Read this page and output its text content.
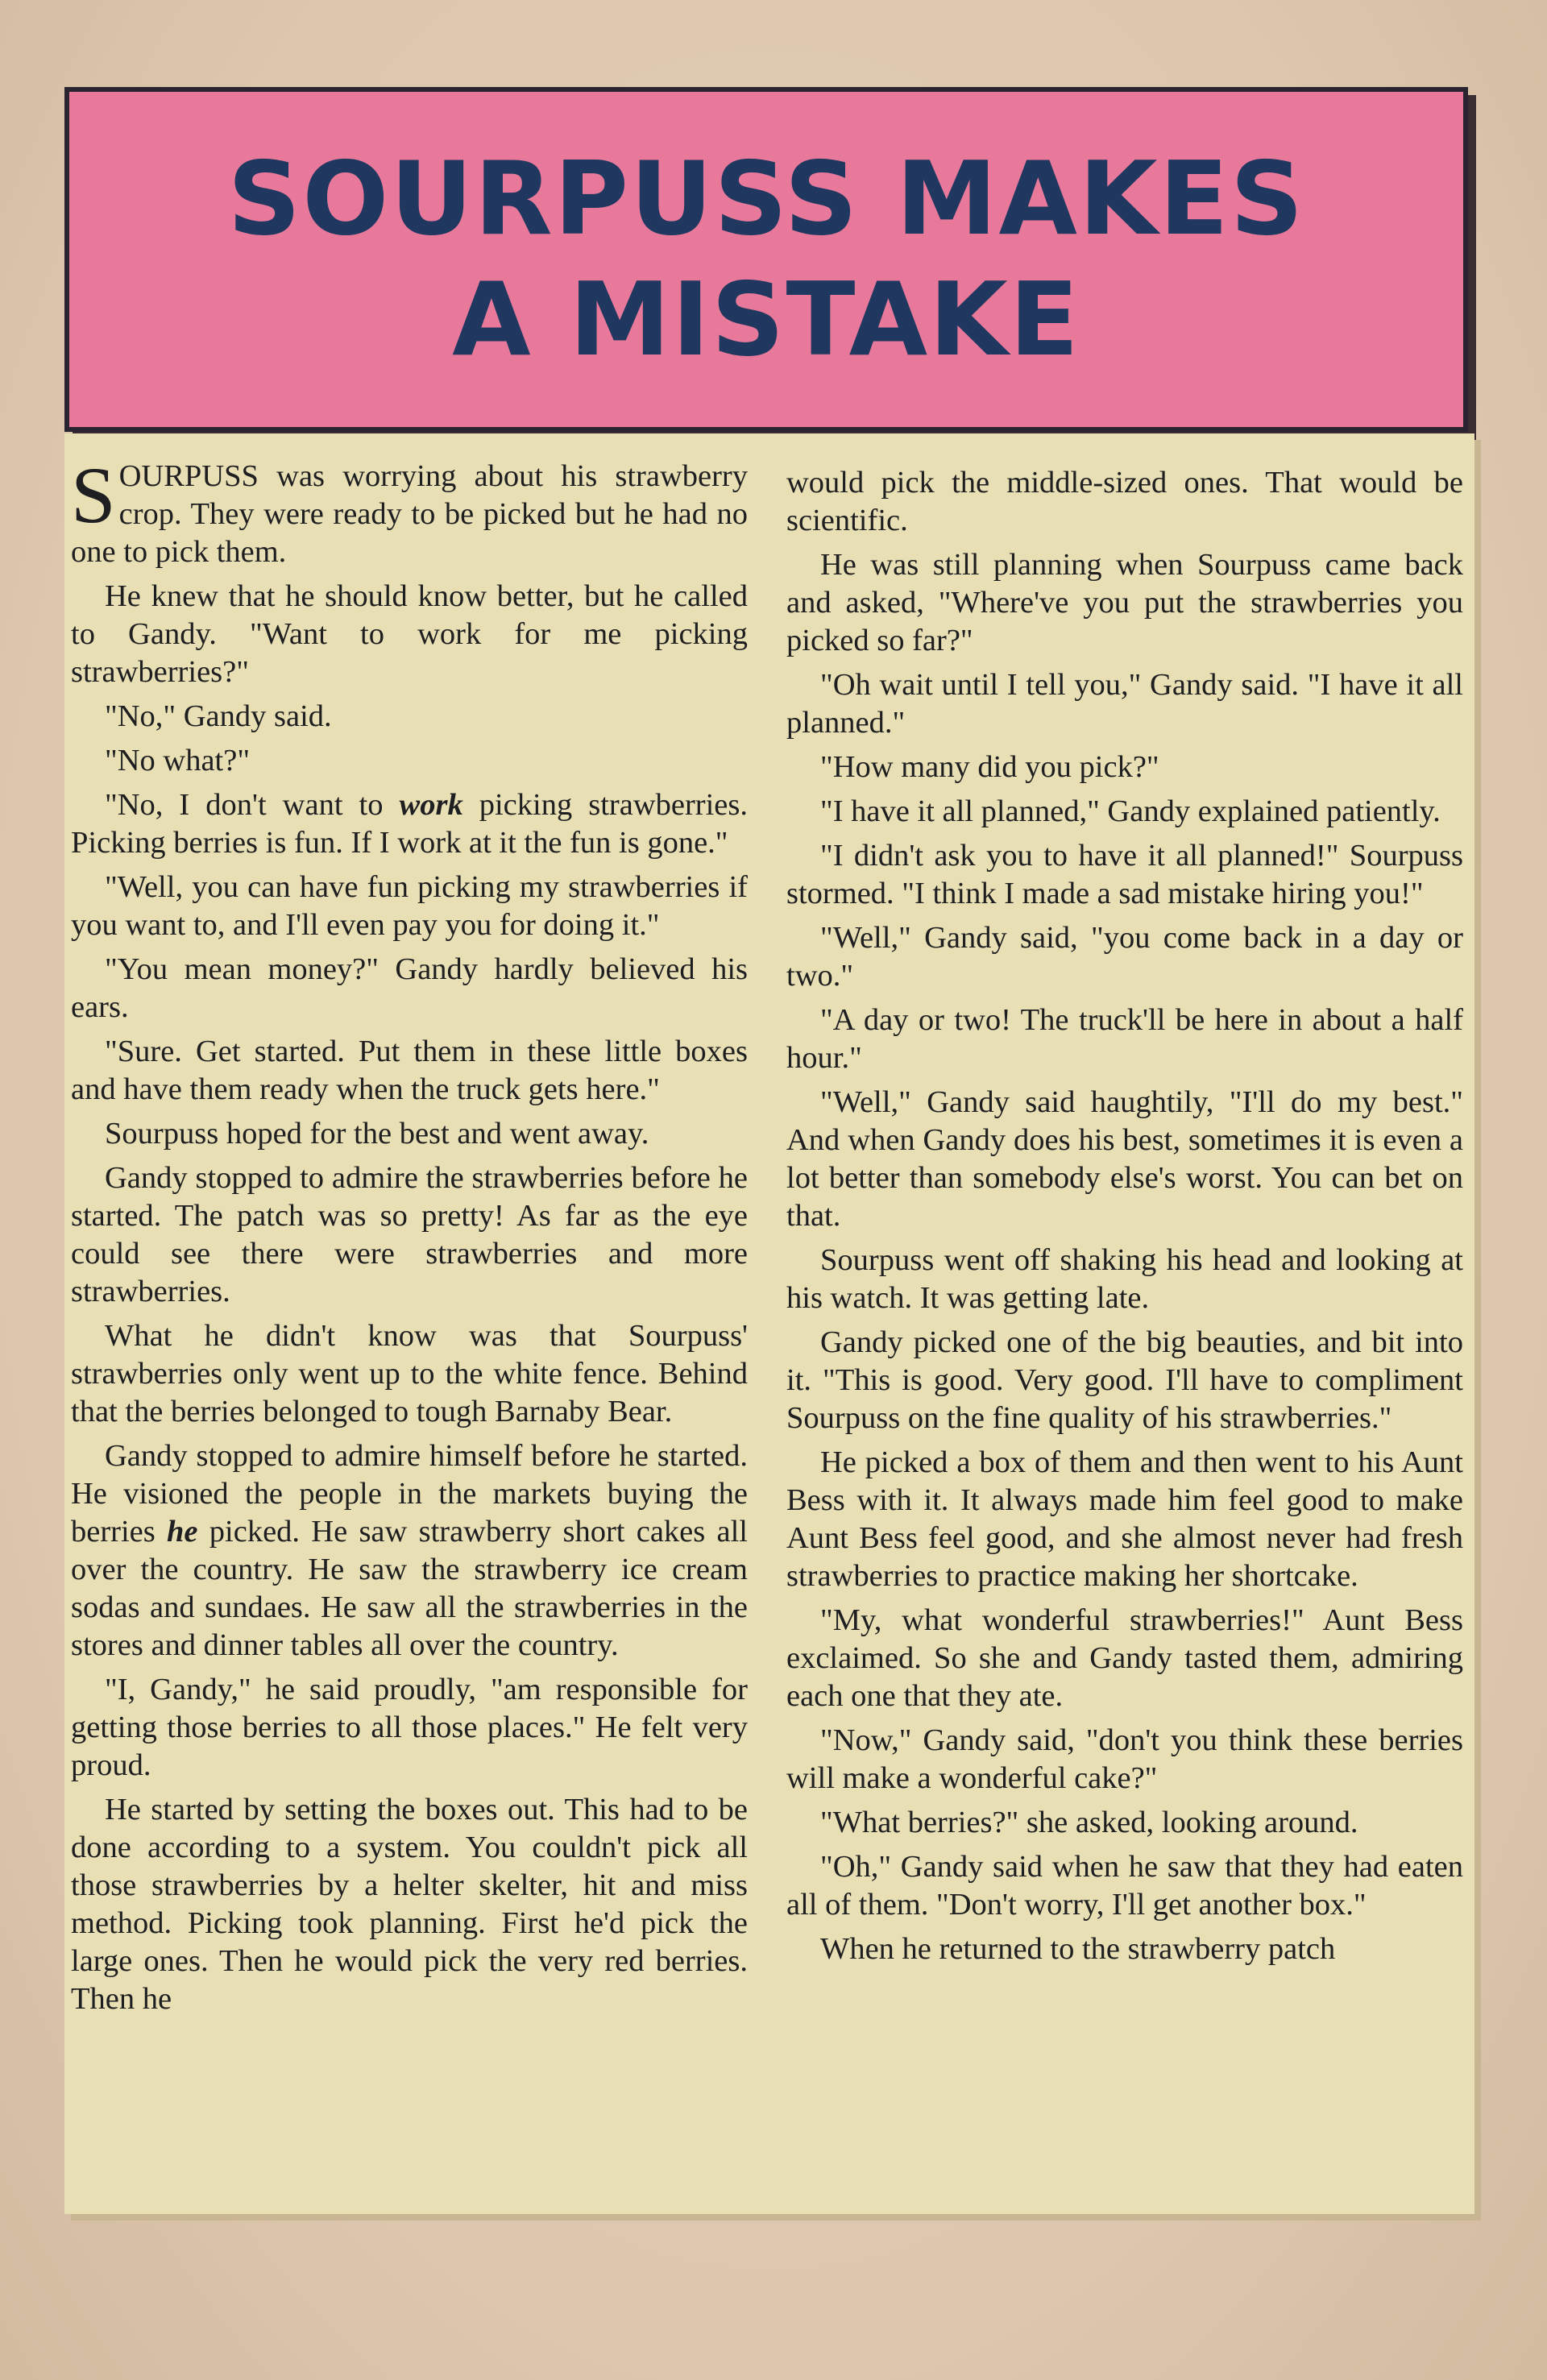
SOURPUSS MAKES
A MISTAKE

SOURPUSS was worrying about his strawberry crop. They were ready to be picked but he had no one to pick them.

He knew that he should know better, but he called to Gandy. "Want to work for me picking strawberries?"

"No," Gandy said.

"No what?"

"No, I don't want to work picking strawberries. Picking berries is fun. If I work at it the fun is gone."

"Well, you can have fun picking my strawberries if you want to, and I'll even pay you for doing it."

"You mean money?" Gandy hardly believed his ears.

"Sure. Get started. Put them in these little boxes and have them ready when the truck gets here."

Sourpuss hoped for the best and went away.

Gandy stopped to admire the strawberries before he started. The patch was so pretty! As far as the eye could see there were strawberries and more strawberries.

What he didn't know was that Sourpuss' strawberries only went up to the white fence. Behind that the berries belonged to tough Barnaby Bear.

Gandy stopped to admire himself before he started. He visioned the people in the markets buying the berries he picked. He saw strawberry short cakes all over the country. He saw the strawberry ice cream sodas and sundaes. He saw all the strawberries in the stores and dinner tables all over the country.

"I, Gandy," he said proudly, "am responsible for getting those berries to all those places." He felt very proud.

He started by setting the boxes out. This had to be done according to a system. You couldn't pick all those strawberries by a helter skelter, hit and miss method. Picking took planning. First he'd pick the large ones. Then he would pick the very red berries. Then he

would pick the middle-sized ones. That would be scientific.

He was still planning when Sourpuss came back and asked, "Where've you put the strawberries you picked so far?"

"Oh wait until I tell you," Gandy said. "I have it all planned."

"How many did you pick?"

"I have it all planned," Gandy explained patiently.

"I didn't ask you to have it all planned!" Sourpuss stormed. "I think I made a sad mistake hiring you!"

"Well," Gandy said, "you come back in a day or two."

"A day or two! The truck'll be here in about a half hour."

"Well," Gandy said haughtily, "I'll do my best." And when Gandy does his best, sometimes it is even a lot better than somebody else's worst. You can bet on that.

Sourpuss went off shaking his head and looking at his watch. It was getting late.

Gandy picked one of the big beauties, and bit into it. "This is good. Very good. I'll have to compliment Sourpuss on the fine quality of his strawberries."

He picked a box of them and then went to his Aunt Bess with it. It always made him feel good to make Aunt Bess feel good, and she almost never had fresh strawberries to practice making her shortcake.

"My, what wonderful strawberries!" Aunt Bess exclaimed. So she and Gandy tasted them, admiring each one that they ate.

"Now," Gandy said, "don't you think these berries will make a wonderful cake?"

"What berries?" she asked, looking around.

"Oh," Gandy said when he saw that they had eaten all of them. "Don't worry, I'll get another box."

When he returned to the strawberry patch
